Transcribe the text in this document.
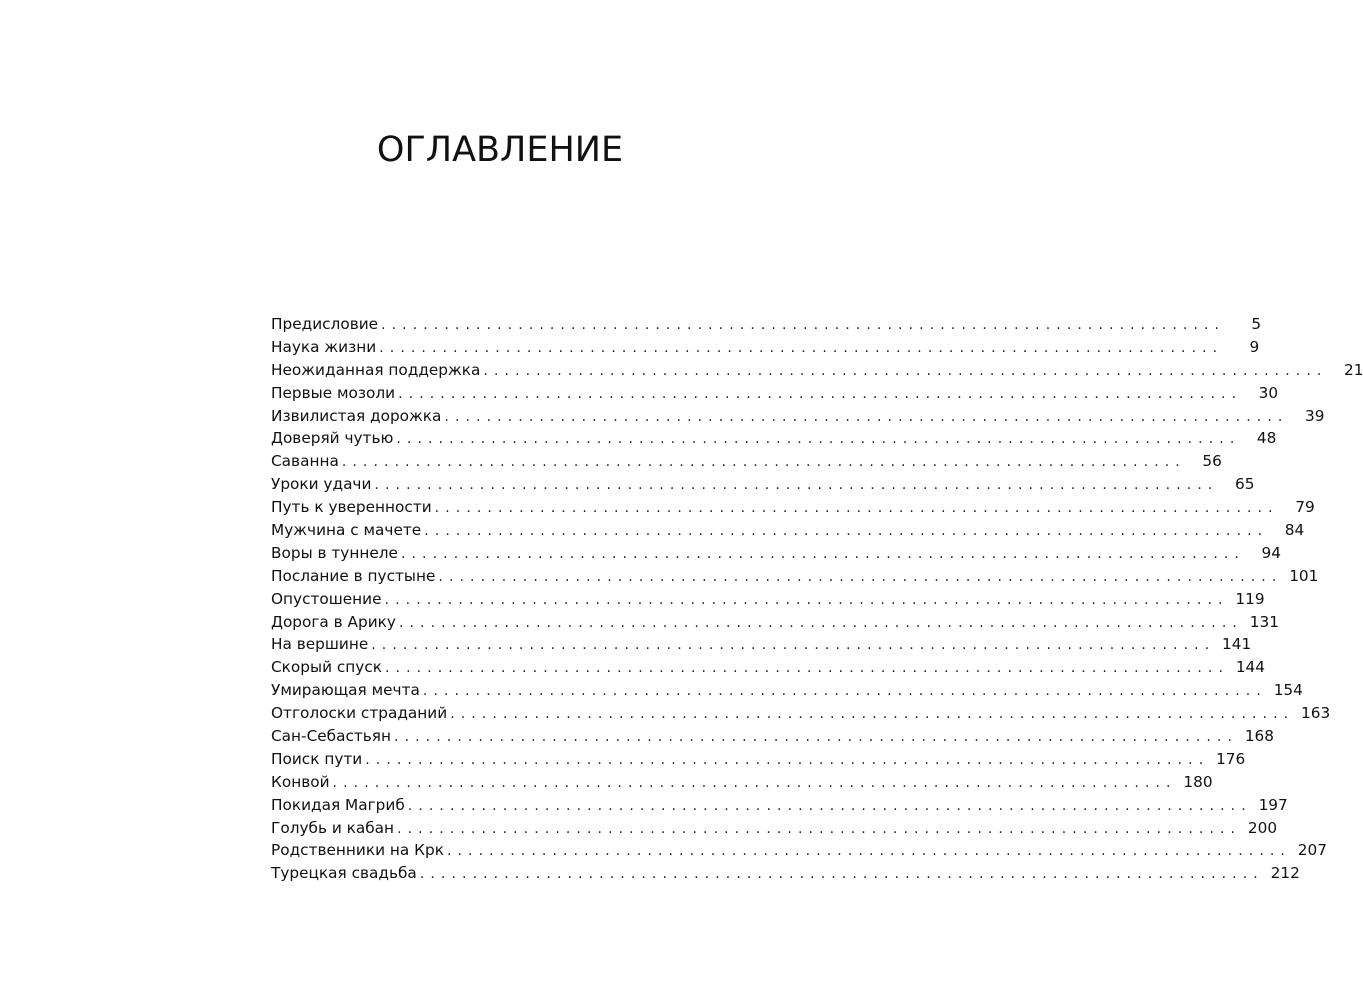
ОГЛАВЛЕНИЕ
Предисловие ................................................................................	5
Наука жизни ................................................................................	9
Неожиданная поддержка ................................................................................	21
Первые мозоли ................................................................................	30
Извилистая дорожка ................................................................................	39
Доверяй чутью ................................................................................	48
Саванна ................................................................................	56
Уроки удачи ................................................................................	65
Путь к уверенности ................................................................................	79
Мужчина с мачете ................................................................................	84
Воры в туннеле ................................................................................	94
Послание в пустыне ................................................................................ 101
Опустошение ................................................................................ 119
Дорога в Арику ................................................................................ 131
На вершине ................................................................................ 141
Скорый спуск ................................................................................ 144
Умирающая мечта ................................................................................ 154
Отголоски страданий ................................................................................ 163
Сан-Себастьян ................................................................................ 168
Поиск пути ................................................................................ 176
Конвой ................................................................................ 180
Покидая Магриб ................................................................................ 197
Голубь и кабан ................................................................................ 200
Родственники на Крк ................................................................................ 207
Турецкая свадьба ................................................................................ 212
